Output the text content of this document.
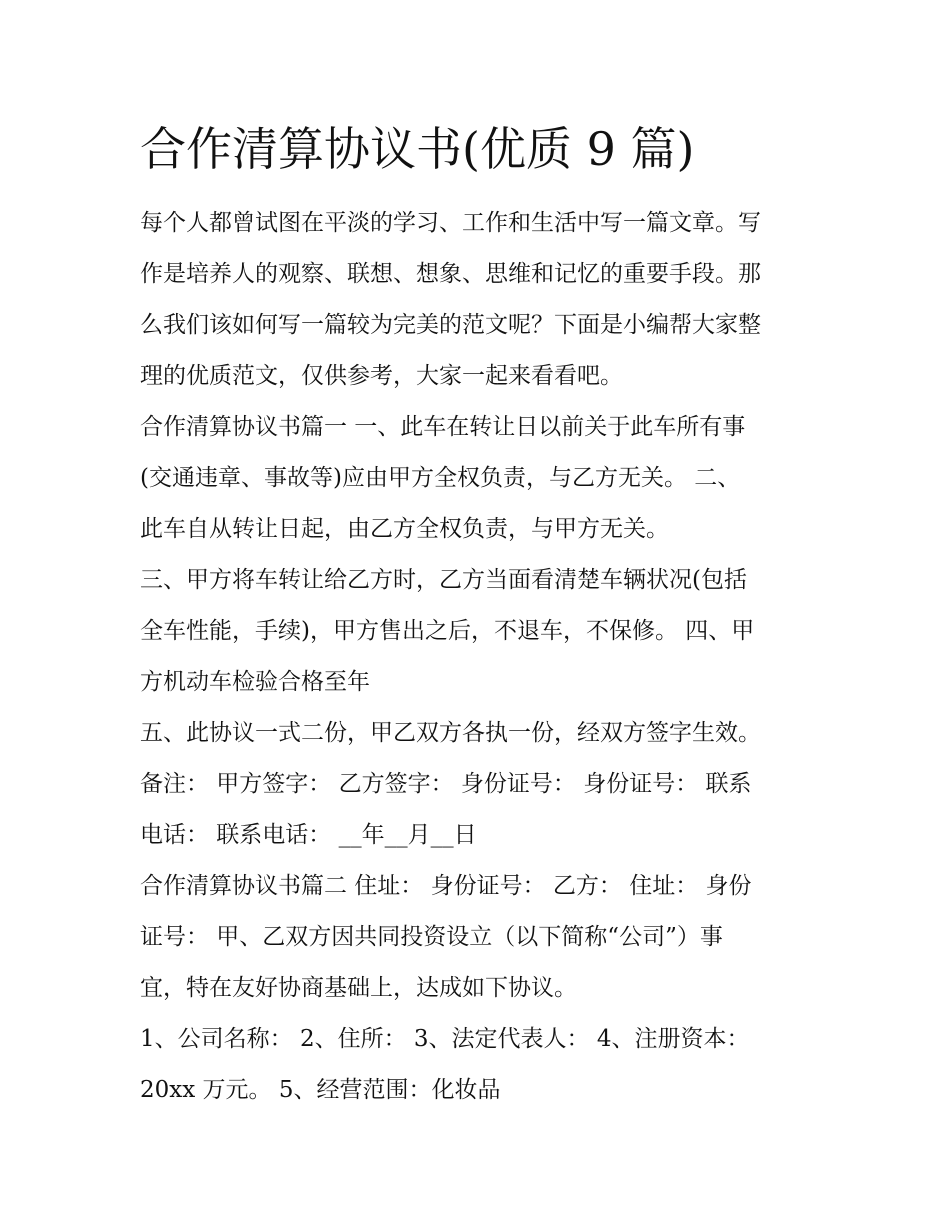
合作清算协议书(优质 9 篇)
每个人都曾试图在平淡的学习、工作和生活中写一篇文章。写
作是培养人的观察、联想、想象、思维和记忆的重要手段。那
么我们该如何写一篇较为完美的范文呢？下面是小编帮大家整
理的优质范文，仅供参考，大家一起来看看吧。
合作清算协议书篇一 一、此车在转让日以前关于此车所有事
(交通违章、事故等)应由甲方全权负责，与乙方无关。 二、
此车自从转让日起，由乙方全权负责，与甲方无关。
三、甲方将车转让给乙方时，乙方当面看清楚车辆状况(包括
全车性能，手续)，甲方售出之后，不退车，不保修。 四、甲
方机动车检验合格至年
五、此协议一式二份，甲乙双方各执一份，经双方签字生效。
备注： 甲方签字： 乙方签字： 身份证号： 身份证号： 联系
电话： 联系电话： __年__月__日
合作清算协议书篇二 住址： 身份证号： 乙方： 住址： 身份
证号： 甲、乙双方因共同投资设立（以下简称“公司”）事
宜，特在友好协商基础上，达成如下协议。
1、公司名称： 2、住所： 3、法定代表人： 4、注册资本：
20xx 万元。 5、经营范围：化妆品
